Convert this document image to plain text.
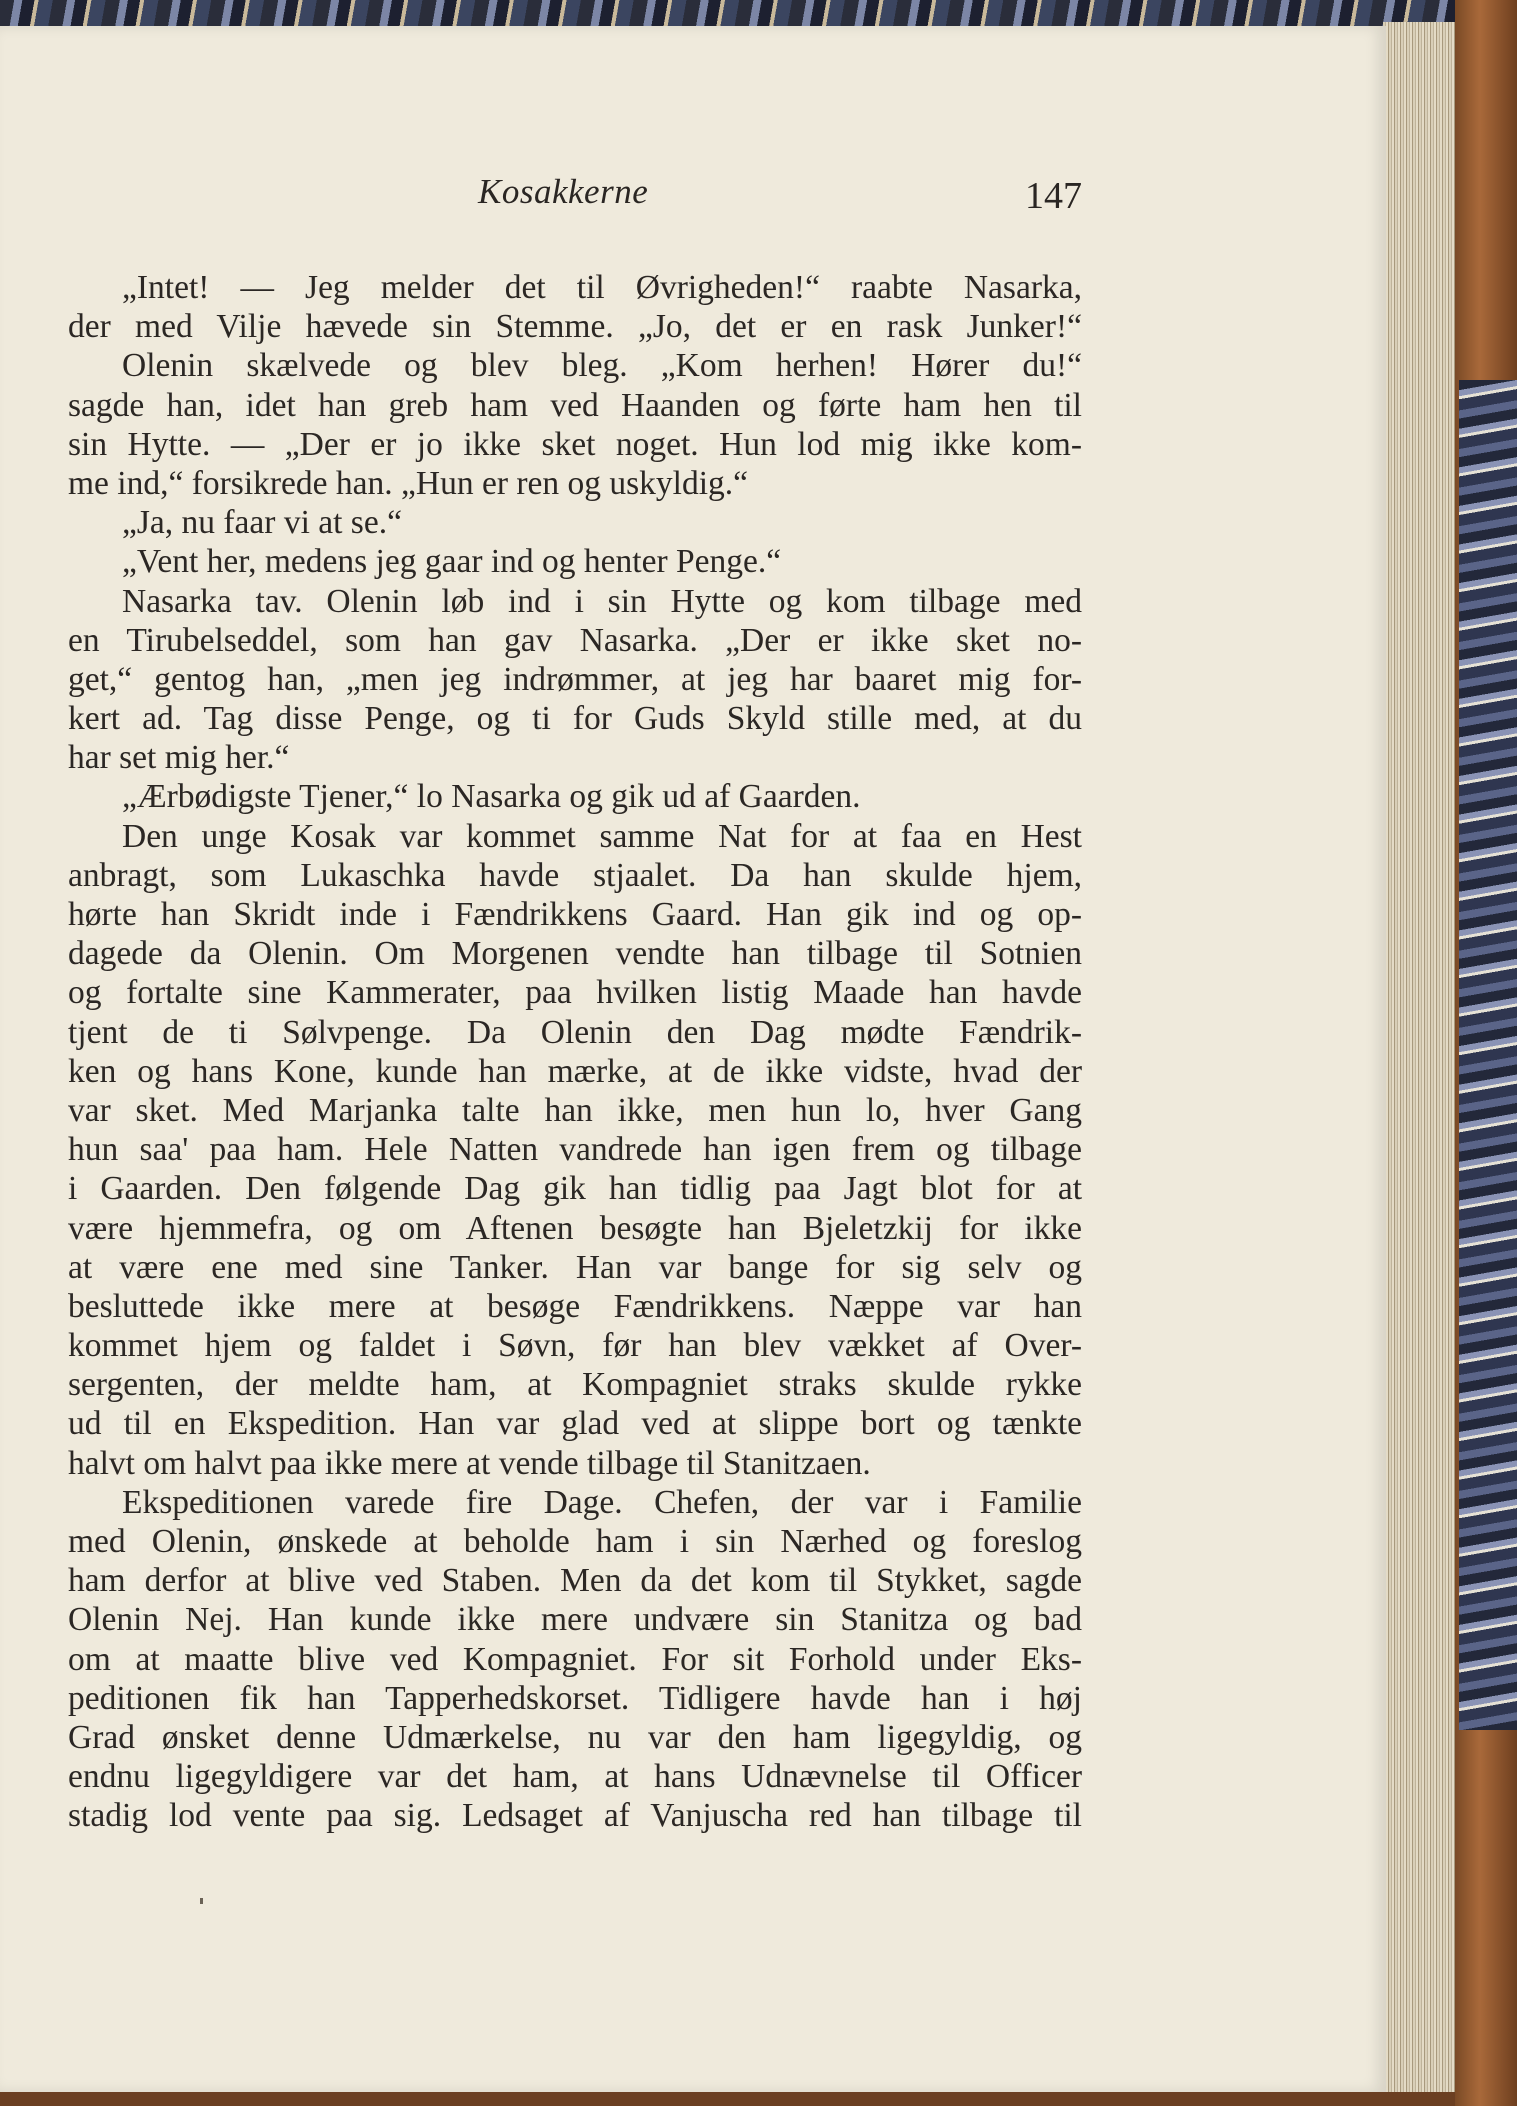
Kosakkerne	147
„Intet! — Jeg melder det til Øvrigheden!“ raabte Nasarka,
der med Vilje hævede sin Stemme. „Jo, det er en rask Junker!“
Olenin skælvede og blev bleg. „Kom herhen! Hører du!“
sagde han, idet han greb ham ved Haanden og førte ham hen til
sin Hytte. — „Der er jo ikke sket noget. Hun lod mig ikke kom-
me ind,“ forsikrede han. „Hun er ren og uskyldig.“
„Ja, nu faar vi at se.“
„Vent her, medens jeg gaar ind og henter Penge.“
Nasarka tav. Olenin løb ind i sin Hytte og kom tilbage med
en Tirubelseddel, som han gav Nasarka. „Der er ikke sket no-
get,“ gentog han, „men jeg indrømmer, at jeg har baaret mig for-
kert ad. Tag disse Penge, og ti for Guds Skyld stille med, at du
har set mig her.“
„Ærbødigste Tjener,“ lo Nasarka og gik ud af Gaarden.
Den unge Kosak var kommet samme Nat for at faa en Hest
anbragt, som Lukaschka havde stjaalet. Da han skulde hjem,
hørte han Skridt inde i Fændrikkens Gaard. Han gik ind og op-
dagede da Olenin. Om Morgenen vendte han tilbage til Sotnien
og fortalte sine Kammerater, paa hvilken listig Maade han havde
tjent de ti Sølvpenge. Da Olenin den Dag mødte Fændrik-
ken og hans Kone, kunde han mærke, at de ikke vidste, hvad der
var sket. Med Marjanka talte han ikke, men hun lo, hver Gang
hun saa' paa ham. Hele Natten vandrede han igen frem og tilbage
i Gaarden. Den følgende Dag gik han tidlig paa Jagt blot for at
være hjemmefra, og om Aftenen besøgte han Bjeletzkij for ikke
at være ene med sine Tanker. Han var bange for sig selv og
besluttede ikke mere at besøge Fændrikkens. Næppe var han
kommet hjem og faldet i Søvn, før han blev vækket af Over-
sergenten, der meldte ham, at Kompagniet straks skulde rykke
ud til en Ekspedition. Han var glad ved at slippe bort og tænkte
halvt om halvt paa ikke mere at vende tilbage til Stanitzaen.
Ekspeditionen varede fire Dage. Chefen, der var i Familie
med Olenin, ønskede at beholde ham i sin Nærhed og foreslog
ham derfor at blive ved Staben. Men da det kom til Stykket, sagde
Olenin Nej. Han kunde ikke mere undvære sin Stanitza og bad
om at maatte blive ved Kompagniet. For sit Forhold under Eks-
peditionen fik han Tapperhedskorset. Tidligere havde han i høj
Grad ønsket denne Udmærkelse, nu var den ham ligegyldig, og
endnu ligegyldigere var det ham, at hans Udnævnelse til Officer
stadig lod vente paa sig. Ledsaget af Vanjuscha red han tilbage til
